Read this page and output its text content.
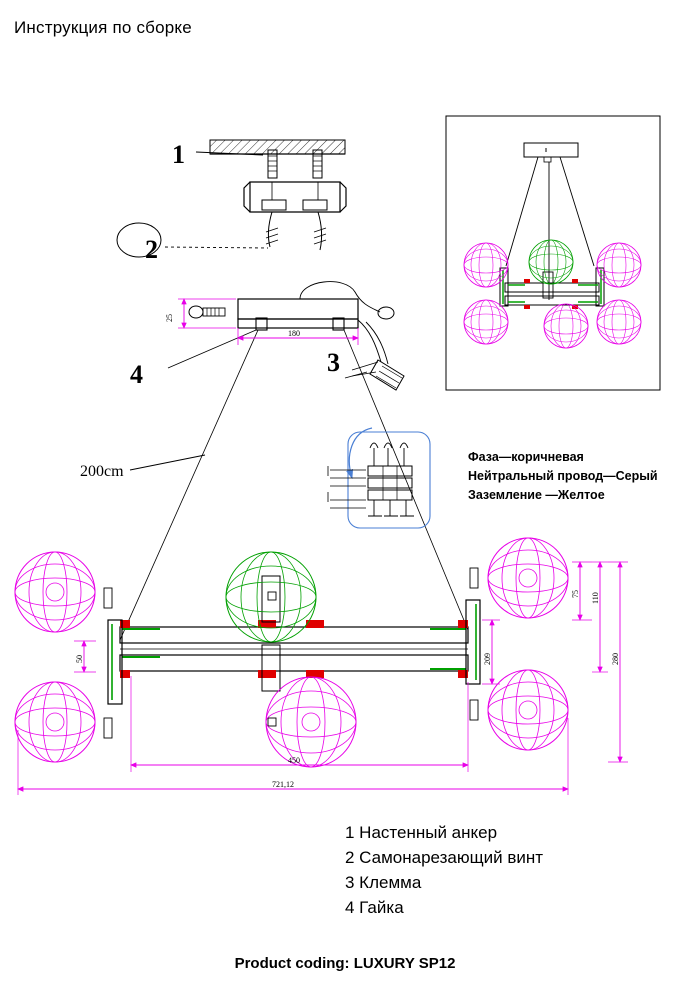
Инструкция по сборке
180
25
450
721,12
75 110
209	280
50
1
2
3
4
200cm
Фаза—коричневая
Нейтральный провод—Серый
Заземление —Желтое
1 Настенный анкер
2 Самонарезающий винт
3 Клемма
4 Гайка
Product coding: LUXURY SP12
